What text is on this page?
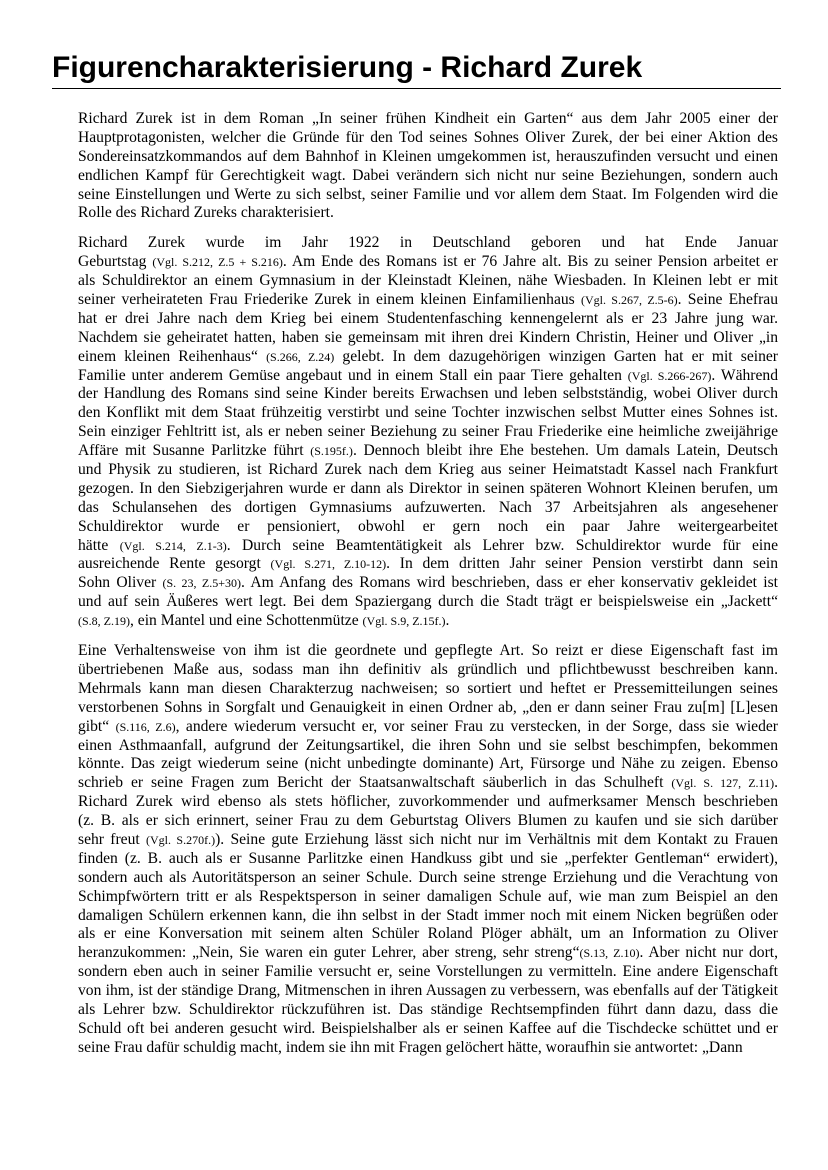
Figurencharakterisierung - Richard Zurek
Richard Zurek ist in dem Roman „In seiner frühen Kindheit ein Garten“ aus dem Jahr 2005 einer der
Hauptprotagonisten, welcher die Gründe für den Tod seines Sohnes Oliver Zurek, der bei einer Aktion des
Sondereinsatzkommandos auf dem Bahnhof in Kleinen umgekommen ist, herauszufinden versucht und einen
endlichen Kampf für Gerechtigkeit wagt. Dabei verändern sich nicht nur seine Beziehungen, sondern auch
seine Einstellungen und Werte zu sich selbst, seiner Familie und vor allem dem Staat. Im Folgenden wird die
Rolle des Richard Zureks charakterisiert.
Richard Zurek wurde im Jahr 1922 in Deutschland geboren und hat Ende Januar
Geburtstag (Vgl. S.212, Z.5 + S.216). Am Ende des Romans ist er 76 Jahre alt. Bis zu seiner Pension arbeitet er
als Schuldirektor an einem Gymnasium in der Kleinstadt Kleinen, nähe Wiesbaden. In Kleinen lebt er mit
seiner verheirateten Frau Friederike Zurek in einem kleinen Einfamilienhaus (Vgl. S.267, Z.5-6). Seine Ehefrau
hat er drei Jahre nach dem Krieg bei einem Studentenfasching kennengelernt als er 23 Jahre jung war.
Nachdem sie geheiratet hatten, haben sie gemeinsam mit ihren drei Kindern Christin, Heiner und Oliver „in
einem kleinen Reihenhaus“ (S.266, Z.24) gelebt. In dem dazugehörigen winzigen Garten hat er mit seiner
Familie unter anderem Gemüse angebaut und in einem Stall ein paar Tiere gehalten (Vgl. S.266-267). Während
der Handlung des Romans sind seine Kinder bereits Erwachsen und leben selbstständig, wobei Oliver durch
den Konflikt mit dem Staat frühzeitig verstirbt und seine Tochter inzwischen selbst Mutter eines Sohnes ist.
Sein einziger Fehltritt ist, als er neben seiner Beziehung zu seiner Frau Friederike eine heimliche zweijährige
Affäre mit Susanne Parlitzke führt (S.195f.). Dennoch bleibt ihre Ehe bestehen. Um damals Latein, Deutsch
und Physik zu studieren, ist Richard Zurek nach dem Krieg aus seiner Heimatstadt Kassel nach Frankfurt
gezogen. In den Siebzigerjahren wurde er dann als Direktor in seinen späteren Wohnort Kleinen berufen, um
das Schulansehen des dortigen Gymnasiums aufzuwerten. Nach 37 Arbeitsjahren als angesehener
Schuldirektor wurde er pensioniert, obwohl er gern noch ein paar Jahre weitergearbeitet
hätte (Vgl. S.214, Z.1-3). Durch seine Beamtentätigkeit als Lehrer bzw. Schuldirektor wurde für eine
ausreichende Rente gesorgt (Vgl. S.271, Z.10-12). In dem dritten Jahr seiner Pension verstirbt dann sein
Sohn Oliver (S. 23, Z.5+30). Am Anfang des Romans wird beschrieben, dass er eher konservativ gekleidet ist
und auf sein Äußeres wert legt. Bei dem Spaziergang durch die Stadt trägt er beispielsweise ein „Jackett“
(S.8, Z.19), ein Mantel und eine Schottenmütze (Vgl. S.9, Z.15f.).
Eine Verhaltensweise von ihm ist die geordnete und gepflegte Art. So reizt er diese Eigenschaft fast im
übertriebenen Maße aus, sodass man ihn definitiv als gründlich und pflichtbewusst beschreiben kann.
Mehrmals kann man diesen Charakterzug nachweisen; so sortiert und heftet er Pressemitteilungen seines
verstorbenen Sohns in Sorgfalt und Genauigkeit in einen Ordner ab, „den er dann seiner Frau zu[m] [L]esen
gibt“ (S.116, Z.6), andere wiederum versucht er, vor seiner Frau zu verstecken, in der Sorge, dass sie wieder
einen Asthmaanfall, aufgrund der Zeitungsartikel, die ihren Sohn und sie selbst beschimpfen, bekommen
könnte. Das zeigt wiederum seine (nicht unbedingte dominante) Art, Fürsorge und Nähe zu zeigen. Ebenso
schrieb er seine Fragen zum Bericht der Staatsanwaltschaft säuberlich in das Schulheft (Vgl. S. 127, Z.11).
Richard Zurek wird ebenso als stets höflicher, zuvorkommender und aufmerksamer Mensch beschrieben
(z. B. als er sich erinnert, seiner Frau zu dem Geburtstag Olivers Blumen zu kaufen und sie sich darüber
sehr freut (Vgl. S.270f.)). Seine gute Erziehung lässt sich nicht nur im Verhältnis mit dem Kontakt zu Frauen
finden (z. B. auch als er Susanne Parlitzke einen Handkuss gibt und sie „perfekter Gentleman“ erwidert),
sondern auch als Autoritätsperson an seiner Schule. Durch seine strenge Erziehung und die Verachtung von
Schimpfwörtern tritt er als Respektsperson in seiner damaligen Schule auf, wie man zum Beispiel an den
damaligen Schülern erkennen kann, die ihn selbst in der Stadt immer noch mit einem Nicken begrüßen oder
als er eine Konversation mit seinem alten Schüler Roland Plöger abhält, um an Information zu Oliver
heranzukommen: „Nein, Sie waren ein guter Lehrer, aber streng, sehr streng“(S.13, Z.10). Aber nicht nur dort,
sondern eben auch in seiner Familie versucht er, seine Vorstellungen zu vermitteln. Eine andere Eigenschaft
von ihm, ist der ständige Drang, Mitmenschen in ihren Aussagen zu verbessern, was ebenfalls auf der Tätigkeit
als Lehrer bzw. Schuldirektor rückzuführen ist. Das ständige Rechtsempfinden führt dann dazu, dass die
Schuld oft bei anderen gesucht wird. Beispielshalber als er seinen Kaffee auf die Tischdecke schüttet und er
seine Frau dafür schuldig macht, indem sie ihn mit Fragen gelöchert hätte, woraufhin sie antwortet: „Dann
